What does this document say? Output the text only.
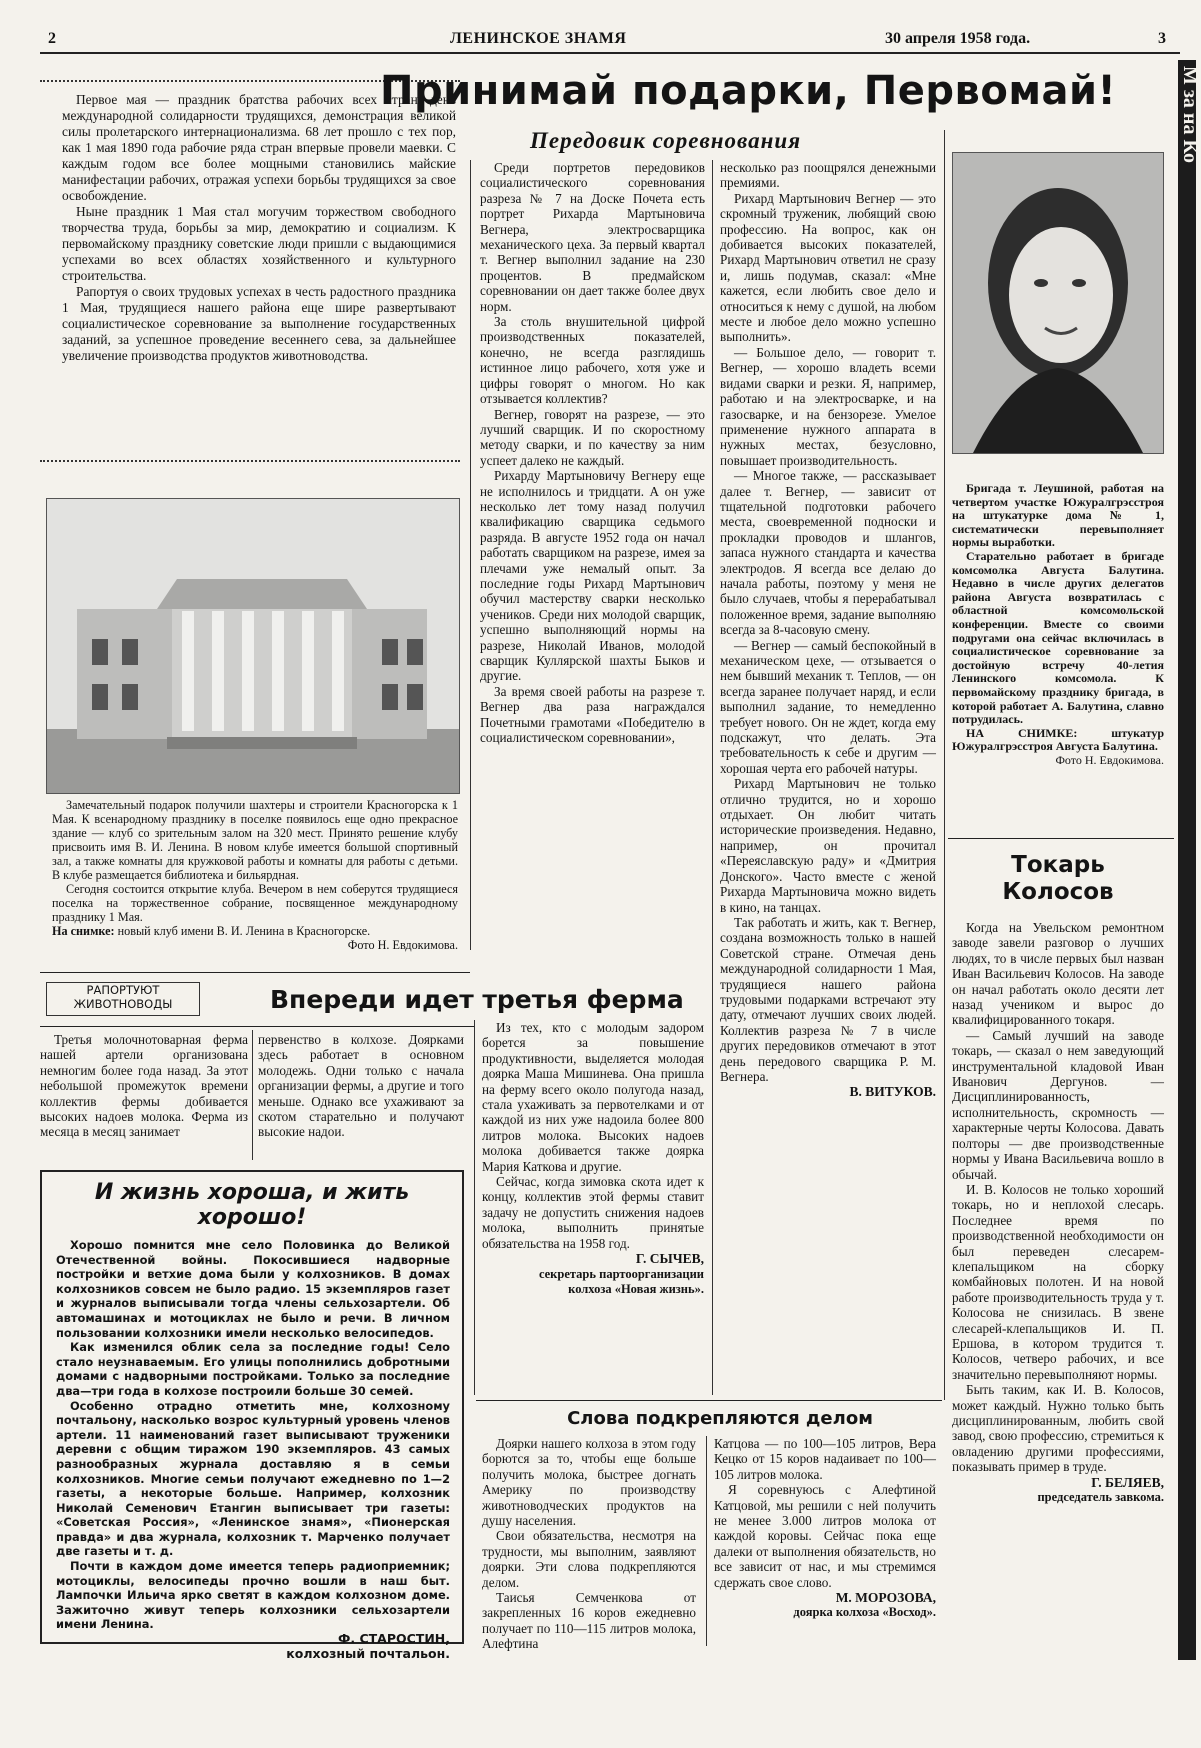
2	ЛЕНИНСКОЕ ЗНАМЯ	30 апреля 1958 года.	3
М за на Ко

Первое мая — праздник братства рабочих всех стран, день международной солидарности трудящихся, демонстрация великой силы пролетарского интернационализма. 68 лет прошло с тех пор, как 1 мая 1890 года рабочие ряда стран впервые провели маевки. С каждым годом все более мощными становились майские манифестации рабочих, отражая успехи борьбы трудящихся за свое освобождение.

Ныне праздник 1 Мая стал могучим торжеством свободного творчества труда, борьбы за мир, демократию и социализм. К первомайскому празднику советские люди пришли с выдающимися успехами во всех областях хозяйственного и культурного строительства.

Рапортуя о своих трудовых успехах в честь радостного праздника 1 Мая, трудящиеся нашего района еще шире развертывают социалистическое соревнование за выполнение государственных заданий, за успешное проведение весеннего сева, за дальнейшее увеличение производства продуктов животноводства.

Принимай подарки, Первомай!
Передовик соревнования

Замечательный подарок получили шахтеры и строители Красногорска к 1 Мая. К всенародному празднику в поселке появилось еще одно прекрасное здание — клуб со зрительным залом на 320 мест. Принято решение клубу присвоить имя В. И. Ленина. В новом клубе имеется большой спортивный зал, а также комнаты для кружковой работы и комнаты для работы с детьми. В клубе размещается библиотека и бильярдная.

Сегодня состоится открытие клуба. Вечером в нем соберутся трудящиеся поселка на торжественное собрание, посвященное международному празднику 1 Мая.

На снимке: новый клуб имени В. И. Ленина в Красногорске.

Фото Н. Евдокимова.

Среди портретов передовиков социалистического соревнования разреза № 7 на Доске Почета есть портрет Рихарда Мартыновича Вегнера, электросварщика механического цеха. За первый квартал т. Вегнер выполнил задание на 230 процентов. В предмайском соревновании он дает также более двух норм.

За столь внушительной цифрой производственных показателей, конечно, не всегда разглядишь истинное лицо рабочего, хотя уже и цифры говорят о многом. Но как отзывается коллектив?

Вегнер, говорят на разрезе, — это лучший сварщик. И по скоростному методу сварки, и по качеству за ним успеет далеко не каждый.

Рихарду Мартыновичу Вегнеру еще не исполнилось и тридцати. А он уже несколько лет тому назад получил квалификацию сварщика седьмого разряда. В августе 1952 года он начал работать сварщиком на разрезе, имея за плечами уже немалый опыт. За последние годы Рихард Мартынович обучил мастерству сварки несколько учеников. Среди них молодой сварщик, успешно выполняющий нормы на разрезе, Николай Иванов, молодой сварщик Куллярской шахты Быков и другие.

За время своей работы на разрезе т. Вегнер два раза награждался Почетными грамотами «Победителю в социалистическом соревновании»,

несколько раз поощрялся денежными премиями.

Рихард Мартынович Вегнер — это скромный труженик, любящий свою профессию. На вопрос, как он добивается высоких показателей, Рихард Мартынович ответил не сразу и, лишь подумав, сказал: «Мне кажется, если любить свое дело и относиться к нему с душой, на любом месте и любое дело можно успешно выполнить».

— Большое дело, — говорит т. Вегнер, — хорошо владеть всеми видами сварки и резки. Я, например, работаю и на электросварке, и на газосварке, и на бензорезе. Умелое применение нужного аппарата в нужных местах, безусловно, повышает производительность.

— Многое также, — рассказывает далее т. Вегнер, — зависит от тщательной подготовки рабочего места, своевременной подноски и прокладки проводов и шлангов, запаса нужного стандарта и качества электродов. Я всегда все делаю до начала работы, поэтому у меня не было случаев, чтобы я перерабатывал положенное время, задание выполняю всегда за 8-часовую смену.

— Вегнер — самый беспокойный в механическом цехе, — отзывается о нем бывший механик т. Теплов, — он всегда заранее получает наряд, и если выполнил задание, то немедленно требует нового. Он не ждет, когда ему подскажут, что делать. Эта требовательность к себе и другим — хорошая черта его рабочей натуры.

Рихард Мартынович не только отлично трудится, но и хорошо отдыхает. Он любит читать исторические произведения. Недавно, например, он прочитал «Переяславскую раду» и «Дмитрия Донского». Часто вместе с женой Рихарда Мартыновича можно видеть в кино, на танцах.

Так работать и жить, как т. Вегнер, создана возможность только в нашей Советской стране. Отмечая день международной солидарности 1 Мая, трудящиеся нашего района трудовыми подарками встречают эту дату, отмечают лучших своих людей. Коллектив разреза № 7 в числе других передовиков отмечают в этот день передового сварщика Р. М. Вегнера.

В. ВИТУКОВ.

Бригада т. Леушиной, работая на четвертом участке Южуралгрэсстроя на штукатурке дома № 1, систематически перевыполняет нормы выработки.

Старательно работает в бригаде комсомолка Августа Балутина. Недавно в числе других делегатов района Августа возвратилась с областной комсомольской конференции. Вместе со своими подругами она сейчас включилась в социалистическое соревнование за достойную встречу 40-летия Ленинского комсомола. К первомайскому празднику бригада, в которой работает А. Балутина, славно потрудилась.

НА СНИМКЕ:	штукатур Южуралгрэсстроя Августа Балутина.

Фото Н. Евдокимова.
Токарь
Колосов

Когда на Увельском ремонтном заводе завели разговор о лучших людях, то в числе первых был назван Иван Васильевич Колосов. На заводе он начал работать около десяти лет назад учеником и вырос до квалифицированного токаря.

— Самый лучший на заводе токарь, — сказал о нем заведующий инструментальной кладовой Иван Иванович Дергунов. — Дисциплинированность, исполнительность, скромность — характерные черты Колосова. Давать полторы — две производственные нормы у Ивана Васильевича вошло в обычай.

И. В. Колосов не только хороший токарь, но и неплохой слесарь. Последнее время по производственной необходимости он был переведен слесарем-клепальщиком на сборку комбайновых полотен. И на новой работе производительность труда у т. Колосова не снизилась. В звене слесарей-клепальщиков И. П. Ершова, в котором трудится т. Колосов, четверо рабочих, и все значительно перевыполняют нормы.

Быть таким, как И. В. Колосов, может каждый. Нужно только быть дисциплинированным, любить свой завод, свою профессию, стремиться к овладению другими профессиями, показывать пример в труде.

Г. БЕЛЯЕВ,
председатель завкома.
РАПОРТУЮТ
ЖИВОТНОВОДЫ	Впереди идет третья ферма

Третья молочнотоварная ферма нашей артели организована немногим более года назад. За этот небольшой промежуток времени коллектив фермы добивается высоких надоев молока. Ферма из месяца в месяц занимает

первенство в колхозе. Доярками здесь работает в основном молодежь. Одни только с начала организации фермы, а другие и того меньше. Однако все ухаживают за скотом старательно и получают высокие надои.

Из тех, кто с молодым задором борется за повышение продуктивности, выделяется молодая доярка Маша Мишинева. Она пришла на ферму всего около полугода назад, стала ухаживать за первотелками и от каждой из них уже надоила более 800 литров молока. Высоких надоев молока добивается также доярка Мария Каткова и другие.

Сейчас, когда зимовка скота идет к концу, коллектив этой фермы ставит задачу не допустить снижения надоев молока, выполнить принятые обязательства на 1958 год.

Г. СЫЧЕВ,
секретарь партоорганизации
колхоза «Новая жизнь».
И жизнь хороша, и жить хорошо!

Хорошо помнится мне село Половинка до Великой Отечественной войны. Покосившиеся надворные постройки и ветхие дома были у колхозников. В домах колхозников совсем не было радио. 15 экземпляров газет и журналов выписывали тогда члены сельхозартели. Об автомашинах и мотоциклах не было и речи. В личном пользовании колхозники имели несколько велосипедов.

Как изменился облик села за последние годы! Село стало неузнаваемым. Его улицы пополнились добротными домами с надворными постройками. Только за последние два—три года в колхозе построили больше 30 семей.

Особенно отрадно отметить мне, колхозному почтальону, насколько возрос культурный уровень членов артели. 11 наименований газет выписывают труженики деревни с общим тиражом 190 экземпляров. 43 самых разнообразных журнала доставляю я в семьи колхозников. Многие семьи получают ежедневно по 1—2 газеты, а некоторые больше. Например, колхозник Николай Семенович Етангин выписывает три газеты: «Советская Россия», «Ленинское знамя», «Пионерская правда» и два журнала, колхозник т. Марченко получает две газеты и т. д.

Почти в каждом доме имеется теперь радиоприемник; мотоциклы, велосипеды прочно вошли в наш быт. Лампочки Ильича ярко светят в каждом колхозном доме. Зажиточно живут теперь колхозники сельхозартели имени Ленина.

Ф. СТАРОСТИН,
колхозный почтальон.
Слова подкрепляются делом

Доярки нашего колхоза в этом году борются за то, чтобы еще больше получить молока, быстрее догнать Америку по производству животноводческих продуктов на душу населения.

Свои обязательства, несмотря на трудности, мы выполним, заявляют доярки. Эти слова подкрепляются делом.

Таисья Семченкова от закрепленных 16 коров ежедневно получает по 110—115 литров молока, Алефтина

Катцова — по 100—105 литров, Вера Кецко от 15 коров надаивает по 100—105 литров молока.

Я соревнуюсь с Алефтиной Катцовой, мы решили с ней получить не менее 3.000 литров молока от каждой коровы. Сейчас пока еще далеки от выполнения обязательств, но все зависит от нас, и мы стремимся сдержать свое слово.

М. МОРОЗОВА,
доярка колхоза «Восход».
